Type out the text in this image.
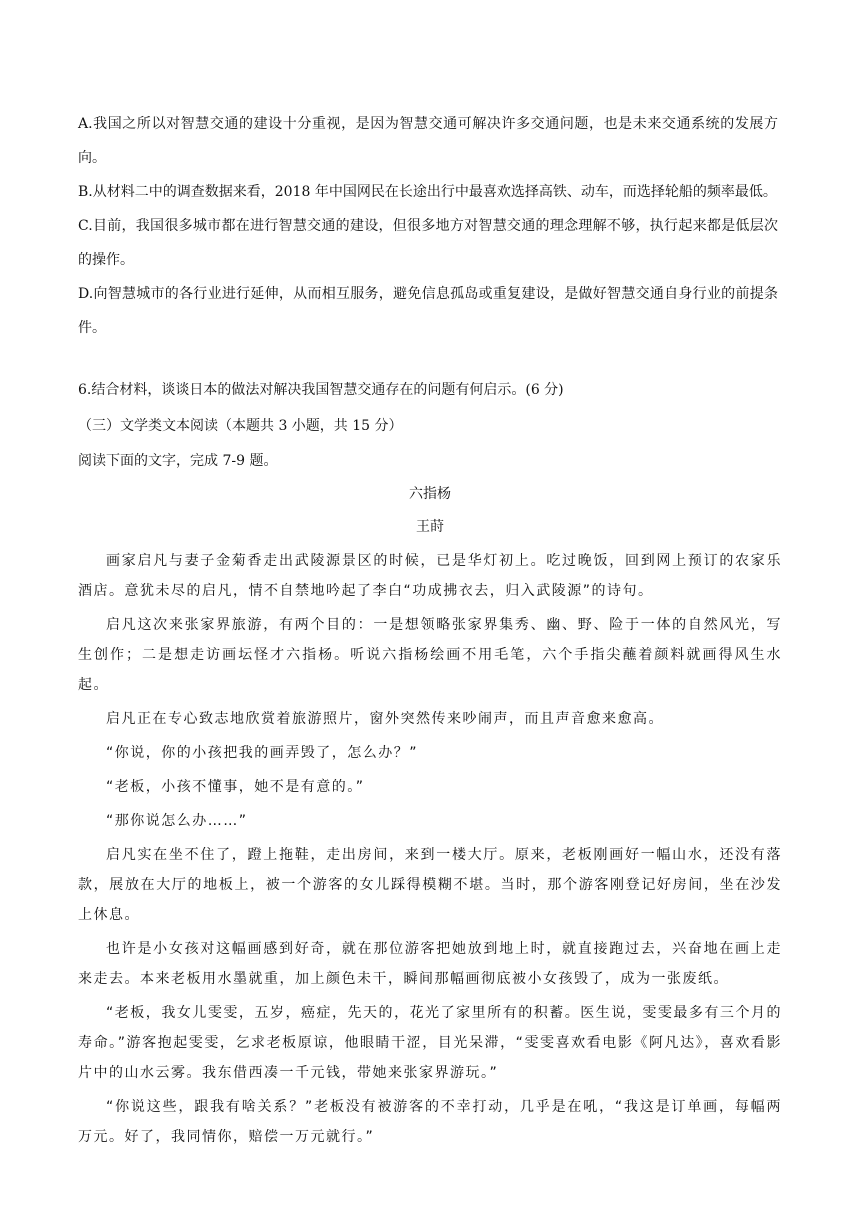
A.我国之所以对智慧交通的建设十分重视，是因为智慧交通可解决许多交通问题，也是未来交通系统的发展方向。

B.从材料二中的调查数据来看，2018 年中国网民在长途出行中最喜欢选择高铁、动车，而选择轮船的频率最低。

C.目前，我国很多城市都在进行智慧交通的建设，但很多地方对智慧交通的理念理解不够，执行起来都是低层次的操作。

D.向智慧城市的各行业进行延伸，从而相互服务，避免信息孤岛或重复建设，是做好智慧交通自身行业的前提条件。

6.结合材料，谈谈日本的做法对解决我国智慧交通存在的问题有何启示。(6 分)

（三）文学类文本阅读（本题共 3 小题，共 15 分）

阅读下面的文字，完成 7-9 题。

六指杨

王莳

画家启凡与妻子金菊香走出武陵源景区的时候，已是华灯初上。吃过晚饭，回到网上预订的农家乐酒店。意犹未尽的启凡，情不自禁地吟起了李白“功成拂衣去，归入武陵源”的诗句。

启凡这次来张家界旅游，有两个目的：一是想领略张家界集秀、幽、野、险于一体的自然风光，写生创作；二是想走访画坛怪才六指杨。听说六指杨绘画不用毛笔，六个手指尖蘸着颜料就画得风生水起。

启凡正在专心致志地欣赏着旅游照片，窗外突然传来吵闹声，而且声音愈来愈高。

“你说，你的小孩把我的画弄毁了，怎么办？”

“老板，小孩不懂事，她不是有意的。”

“那你说怎么办……”

启凡实在坐不住了，蹬上拖鞋，走出房间，来到一楼大厅。原来，老板刚画好一幅山水，还没有落款，展放在大厅的地板上，被一个游客的女儿踩得模糊不堪。当时，那个游客刚登记好房间，坐在沙发上休息。

也许是小女孩对这幅画感到好奇，就在那位游客把她放到地上时，就直接跑过去，兴奋地在画上走来走去。本来老板用水墨就重，加上颜色未干，瞬间那幅画彻底被小女孩毁了，成为一张废纸。

“老板，我女儿雯雯，五岁，癌症，先天的，花光了家里所有的积蓄。医生说，雯雯最多有三个月的寿命。”游客抱起雯雯，乞求老板原谅，他眼睛干涩，目光呆滞，“雯雯喜欢看电影《阿凡达》，喜欢看影片中的山水云雾。我东借西凑一千元钱，带她来张家界游玩。”

“你说这些，跟我有啥关系？”老板没有被游客的不幸打动，几乎是在吼，“我这是订单画，每幅两万元。好了，我同情你，赔偿一万元就行。”
